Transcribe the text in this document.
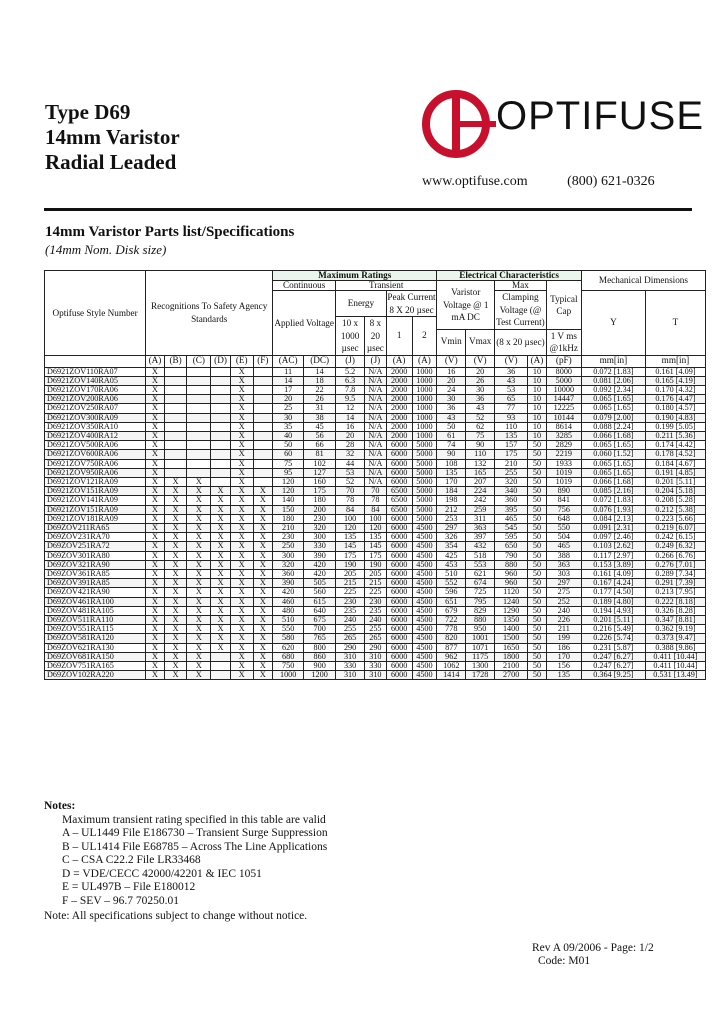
Type D69
14mm Varistor
Radial Leaded
OPTIFUSE
www.optifuse.com	(800) 621-0326
14mm Varistor Parts list/Specifications
(14mm Nom. Disk size)
Optifuse Style Number	Recognitions To Safety Agency Standards						Maximum Ratings						Electrical Characteristics					Mechanical Dimensions	
							Continuous		Transient				Varistor Voltage @ 1 mA DC		Max		Typical Cap		
							Applied Voltage		Energy		Peak Current 8 X 20 µsec				Clamping Voltage (@ Test Current)			Y	T
									10 x 1000 µsec	8 x 20 µsec	1	2							
													Vmin	Vmax	(8 x 20 µsec)		1 V ms @1kHz		
	(A)	(B)	(C)	(D)	(E)	(F)	(AC)	(DC)	(J)	(J)	(A)	(A)	(V)	(V)	(V)	(A)	(pF)	mm[in]	mm[in]
D6921ZOV110RA07	X				X		11	14	5.2	N/A	2000	1000	16	20	36	10	8000	0.072 [1.83]	0.161 [4.09]
D6921ZOV140RA05	X				X		14	18	6.3	N/A	2000	1000	20	26	43	10	5000	0.081 [2.06]	0.165 [4.19]
D6921ZOV170RA06	X				X		17	22	7.8	N/A	2000	1000	24	30	53	10	10000	0.092 [2.34]	0.170 [4.32]
D6921ZOV200RA06	X				X		20	26	9.5	N/A	2000	1000	30	36	65	10	14447	0.065 [1.65]	0.176 [4.47]
D6921ZOV250RA07	X				X		25	31	12	N/A	2000	1000	36	43	77	10	12225	0.065 [1.65]	0.180 [4.57]
D6921ZOV300RA09	X				X		30	38	14	N/A	2000	1000	43	52	93	10	10144	0.079 [2.00]	0.190 [4.83]
D6921ZOV350RA10	X				X		35	45	16	N/A	2000	1000	50	62	110	10	8614	0.088 [2.24]	0.199 [5.05]
D6921ZOV400RA12	X				X		40	56	20	N/A	2000	1000	61	75	135	10	3285	0.066 [1.68]	0.211 [5.36]
D6921ZOV500RA06	X				X		50	66	28	N/A	6000	5000	74	90	157	50	2829	0.065 [1.65]	0.174 [4.42]
D6921ZOV600RA06	X				X		60	81	32	N/A	6000	5000	90	110	175	50	2219	0.060 [1.52]	0.178 [4.52]
D6921ZOV750RA06	X				X		75	102	44	N/A	6000	5000	108	132	210	50	1933	0.065 [1.65]	0.184 [4.67]
D6921ZOV950RA06	X				X		95	127	53	N/A	6000	5000	135	165	255	50	1019	0.065 [1.65]	0.191 [4.85]
D6921ZOV121RA09	X	X	X		X		120	160	52	N/A	6000	5000	170	207	320	50	1019	0.066 [1.68]	0.201 [5.11]
D6921ZOV151RA09	X	X	X	X	X	X	120	175	70	70	6500	5000	184	224	340	50	890	0.085 [2.16]	0.204 [5.18]
D6921ZOV141RA09	X	X	X	X	X	X	140	180	78	78	6500	5000	198	242	360	50	841	0.072 [1.83]	0.208 [5.28]
D6921ZOV151RA09	X	X	X	X	X	X	150	200	84	84	6500	5000	212	259	395	50	756	0.076 [1.93]	0.212 [5.38]
D6921ZOV181RA09	X	X	X	X	X	X	180	230	100	100	6000	5000	253	311	465	50	648	0.084 [2.13]	0.223 [5.66]
D69ZOV211RA65	X	X	X	X	X	X	210	320	120	120	6000	4500	297	363	545	50	550	0.091 [2.31]	0.219 [6.07]
D69ZOV231RA70	X	X	X	X	X	X	230	300	135	135	6000	4500	326	397	595	50	504	0.097 [2.46]	0.242 [6.15]
D69ZOV251RA72	X	X	X	X	X	X	250	330	145	145	6000	4500	354	432	650	50	465	0.103 [2.62]	0.249 [6.32]
D69ZOV301RA80	X	X	X	X	X	X	300	390	175	175	6000	4500	425	518	790	50	388	0.117 [2.97]	0.266 [6.76]
D69ZOV321RA90	X	X	X	X	X	X	320	420	190	190	6000	4500	453	553	880	50	363	0.153 [3.89]	0.276 [7.01]
D69ZOV361RA85	X	X	X	X	X	X	360	420	205	205	6000	4500	510	621	960	50	303	0.161 [4.09]	0.289 [7.34]
D69ZOV391RA85	X	X	X	X	X	X	390	505	215	215	6000	4500	552	674	960	50	297	0.167 [4.24]	0.291 [7.39]
D69ZOV421RA90	X	X	X	X	X	X	420	560	225	225	6000	4500	596	725	1120	50	275	0.177 [4.50]	0.213 [7.95]
D69ZOV461RA100	X	X	X	X	X	X	460	615	230	230	6000	4500	651	795	1240	50	252	0.189 [4.80]	0.222 [8.18]
D69ZOV481RA105	X	X	X	X	X	X	480	640	235	235	6000	4500	679	829	1290	50	240	0.194 [4.93]	0.326 [8.28]
D69ZOV511RA110	X	X	X	X	X	X	510	675	240	240	6000	4500	722	880	1350	50	226	0.201 [5.11]	0.347 [8.81]
D69ZOV551RA115	X	X	X	X	X	X	550	700	255	255	6000	4500	778	950	1400	50	211	0.216 [5.49]	0.362 [9.19]
D69ZOV581RA120	X	X	X	X	X	X	580	765	265	265	6000	4500	820	1001	1500	50	199	0.226 [5.74]	0.373 [9.47]
D69ZOV621RA130	X	X	X	X	X	X	620	800	290	290	6000	4500	877	1071	1650	50	186	0.231 [5.87]	0.388 [9.86]
D69ZOV681RA150	X	X	X		X	X	680	860	310	310	6000	4500	962	1175	1800	50	170	0.247 [6.27]	0.411 [10.44]
D69ZOV751RA165	X	X	X		X	X	750	900	330	330	6000	4500	1062	1300	2100	50	156	0.247 [6.27]	0.411 [10.44]
D69ZOV102RA220	X	X	X		X	X	1000	1200	310	310	6000	4500	1414	1728	2700	50	135	0.364 [9.25]	0.531 [13.49]
Notes:
Maximum transient rating specified in this table are valid
A – UL1449 File E186730 – Transient Surge Suppression
B – UL1414 File E68785 – Across The Line Applications
C – CSA C22.2 File LR33468
D = VDE/CECC 42000/42201 & IEC 1051
E = UL497B – File E180012
F – SEV – 96.7 70250.01
Note: All specifications subject to change without notice.
Rev A 09/2006 - Page: 1/2
Code: M01
